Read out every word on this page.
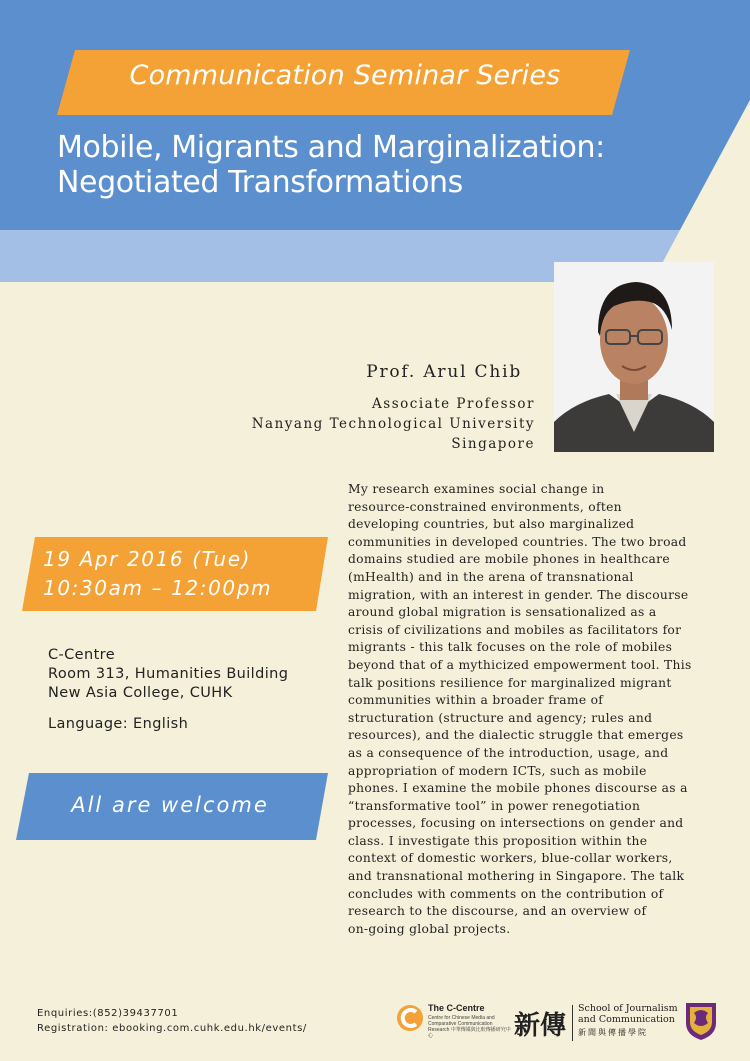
Communication Seminar Series
Mobile, Migrants and Marginalization:
Negotiated Transformations
Prof. Arul Chib
Associate Professor
Nanyang Technological University
Singapore
My research examines social change in
resource-constrained environments, often
developing countries, but also marginalized
communities in developed countries. The two broad
domains studied are mobile phones in healthcare
(mHealth) and in the arena of transnational
migration, with an interest in gender. The discourse
around global migration is sensationalized as a
crisis of civilizations and mobiles as facilitators for
migrants - this talk focuses on the role of mobiles
beyond that of a mythicized empowerment tool. This
talk positions resilience for marginalized migrant
communities within a broader frame of
structuration (structure and agency; rules and
resources), and the dialectic struggle that emerges
as a consequence of the introduction, usage, and
appropriation of modern ICTs, such as mobile
phones. I examine the mobile phones discourse as a
“transformative tool” in power renegotiation
processes, focusing on intersections on gender and
class. I investigate this proposition within the
context of domestic workers, blue-collar workers,
and transnational mothering in Singapore. The talk
concludes with comments on the contribution of
research to the discourse, and an overview of
on-going global projects.
19 Apr 2016 (Tue)
10:30am – 12:00pm
C-Centre
Room 313, Humanities Building
New Asia College, CUHK
Language: English
All are welcome
Enquiries:(852)39437701
Registration: ebooking.com.cuhk.edu.hk/events/
The C-Centre
Centre for Chinese Media and Comparative Communication Research 中華傳媒與比較傳播研究中心	新傳
School of Journalism
and Communication
新聞與傳播學院
